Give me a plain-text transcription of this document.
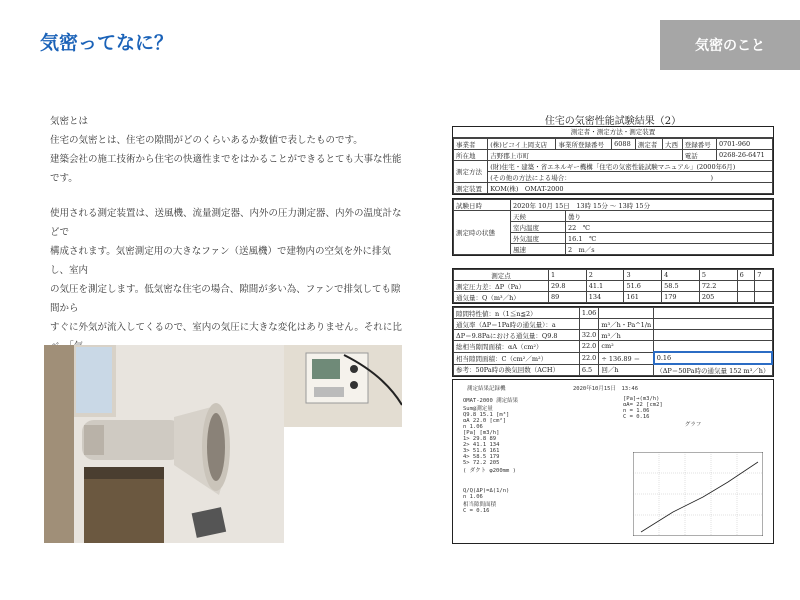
気密ってなに？	気密のこと

気密とは

住宅の気密とは、住宅の隙間がどのくらいあるか数値で表したものです。

建築会社の施工技術から住宅の快適性までをはかることができるとても大事な性能です。

使用される測定装置は、送風機、流量測定器、内外の圧力測定器、内外の温度計などで

構成されます。気密測定用の大きなファン（送風機）で建物内の空気を外に排気し、室内

の気圧を測定します。低気密な住宅の場合、隙間が多い為、ファンで排気しても隙間から

すぐに外気が流入してくるので、室内の気圧に大きな変化はありません。それに比

住宅の気密性能試験結果（2）
測定者・測定方法・測定装置
事業者	(株)ビコイ上岡支店	事業所登録番号	6088	測定者	大西	登録番号	0701-960
所在地	吉野郡上市町					電話	0268-26-6471
測定方法	(財)住宅・建築・省エネルギー機構「住宅の気密性能試験マニュアル」(2000年6月)						
	(その他の方法による場合：　　　　　　　　　　　　　　　　　　　　　　)						
測定装置	KOM(株)　OMAT-2000						
試験日時	2020年 10月 15日　13時 15分 〜 13時 15分	
測定時の状態	天候	曇り
	室内温度	22　℃
	外気温度	16.1　℃
	風速	2　m／s
測定点	1	2	3	4	5	6	7
測定圧力差：ΔP（Pa）	29.8	41.1	51.6	58.5	72.2		
通気量：Q（m³／h）	89	134	161	179	205		
隙間特性値：n（1≦n≦2）	1.06		
通気率（ΔP＝1Pa時の通気量）：a		m³／h・Pa^1/n	
ΔP＝9.8Paにおける通気量：Q9.8	32.0	m³／h	
総相当隙間面積：αA（cm²）	22.0	cm²	
相当隙間面積：C（cm²／m²）	22.0	÷ 136.89 ＝	0.16
参考：50Pa時の換気回数（ACH）	6.5	回／h	（ΔP＝50Pa時の通気量 152 m³／h）
測定結果記録機	2020年10月15日　13:46
OMAT-2000 測定結果
Sum@測定量
Q9.8 15.1 [m³]
αA 22.0 [cm²]
n 1.06
[Pa] [m3/h]
1> 29.8 89
2> 41.1 134
3> 51.6 161
4> 58.5 179
5> 72.2 205
( ダクト φ200mm )
Q/Q(ΔP)=Δ(1/n)
n 1.06
相当隙間面積
C = 0.16
[Pa]→(m3/h)
αA= 22 [cm2]
n = 1.06
C = 0.16
グラフ
